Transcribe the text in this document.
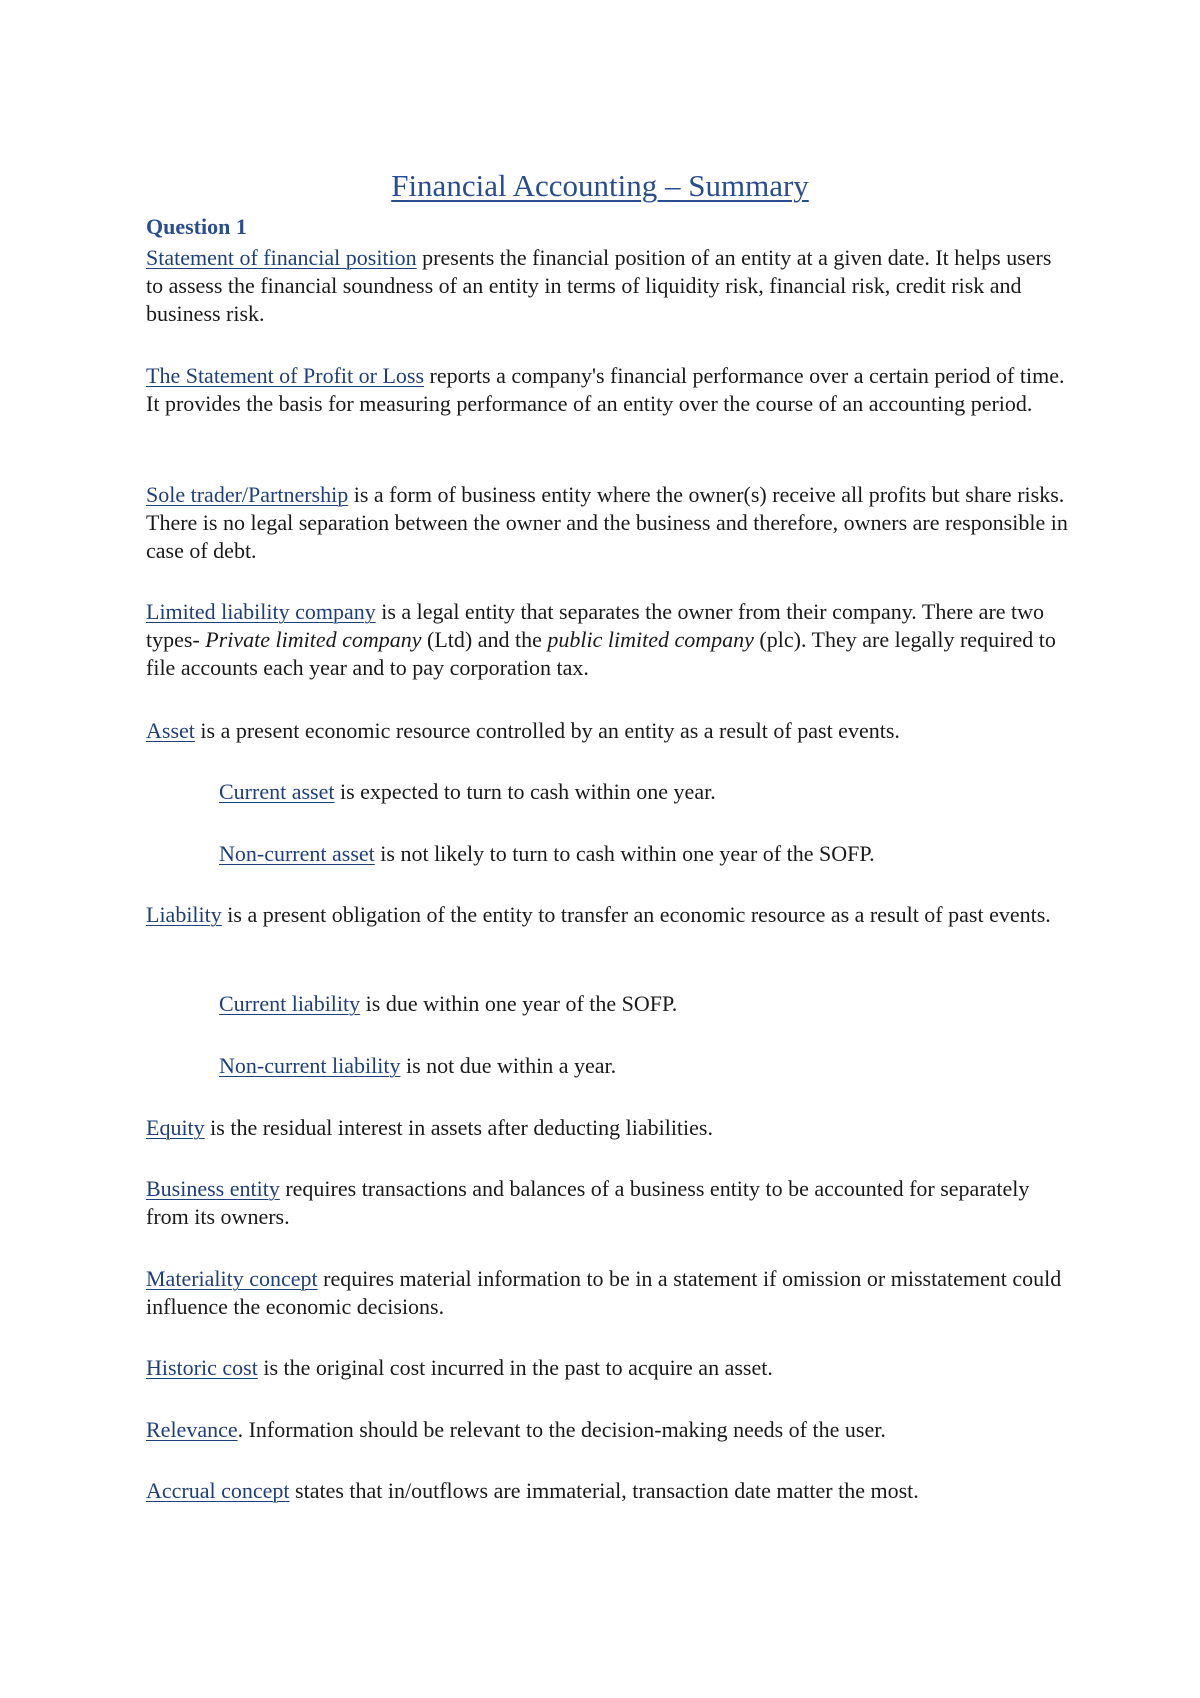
Financial Accounting – Summary
Question 1

Statement of financial position presents the financial position of an entity at a given date. It helps users to assess the financial soundness of an entity in terms of liquidity risk, financial risk, credit risk and business risk.

The Statement of Profit or Loss reports a company's financial performance over a certain period of time. It provides the basis for measuring performance of an entity over the course of an accounting period.

Sole trader/Partnership is a form of business entity where the owner(s) receive all profits but share risks. There is no legal separation between the owner and the business and therefore, owners are responsible in case of debt.

Limited liability company is a legal entity that separates the owner from their company. There are two types- Private limited company (Ltd) and the public limited company (plc). They are legally required to file accounts each year and to pay corporation tax.

Asset is a present economic resource controlled by an entity as a result of past events.

Current asset is expected to turn to cash within one year.

Non-current asset is not likely to turn to cash within one year of the SOFP.

Liability is a present obligation of the entity to transfer an economic resource as a result of past events.

Current liability is due within one year of the SOFP.

Non-current liability is not due within a year.

Equity is the residual interest in assets after deducting liabilities.

Business entity requires transactions and balances of a business entity to be accounted for separately from its owners.

Materiality concept requires material information to be in a statement if omission or misstatement could influence the economic decisions.

Historic cost is the original cost incurred in the past to acquire an asset.

Relevance. Information should be relevant to the decision-making needs of the user.

Accrual concept states that in/outflows are immaterial, transaction date matter the most.
